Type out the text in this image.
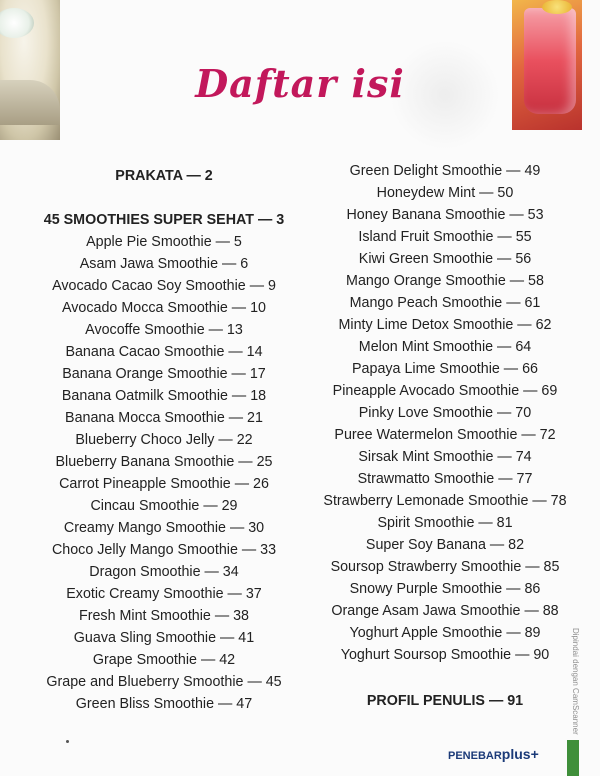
Daftar isi
PRAKATA — 2
45 SMOOTHIES SUPER SEHAT — 3
Apple Pie Smoothie — 5
Asam Jawa Smoothie — 6
Avocado Cacao Soy Smoothie — 9
Avocado Mocca Smoothie — 10
Avocoffe Smoothie — 13
Banana Cacao Smoothie — 14
Banana Orange Smoothie — 17
Banana Oatmilk Smoothie — 18
Banana Mocca Smoothie — 21
Blueberry Choco Jelly — 22
Blueberry Banana Smoothie — 25
Carrot Pineapple Smoothie — 26
Cincau Smoothie — 29
Creamy Mango Smoothie — 30
Choco Jelly Mango Smoothie — 33
Dragon Smoothie — 34
Exotic Creamy Smoothie — 37
Fresh Mint Smoothie — 38
Guava Sling Smoothie — 41
Grape Smoothie — 42
Grape and Blueberry Smoothie — 45
Green Bliss Smoothie — 47
Green Delight Smoothie — 49
Honeydew Mint — 50
Honey Banana Smoothie — 53
Island Fruit Smoothie — 55
Kiwi Green Smoothie — 56
Mango Orange Smoothie — 58
Mango Peach Smoothie — 61
Minty Lime Detox Smoothie — 62
Melon Mint Smoothie — 64
Papaya Lime Smoothie — 66
Pineapple Avocado Smoothie — 69
Pinky Love Smoothie — 70
Puree Watermelon Smoothie — 72
Sirsak Mint Smoothie — 74
Strawmatto Smoothie — 77
Strawberry Lemonade Smoothie — 78
Spirit Smoothie — 81
Super Soy Banana — 82
Soursop Strawberry Smoothie — 85
Snowy Purple Smoothie — 86
Orange Asam Jawa Smoothie — 88
Yoghurt Apple Smoothie — 89
Yoghurt Soursop Smoothie — 90
PROFIL PENULIS — 91
PENEBARplus+
Dipindai dengan CamScanner
